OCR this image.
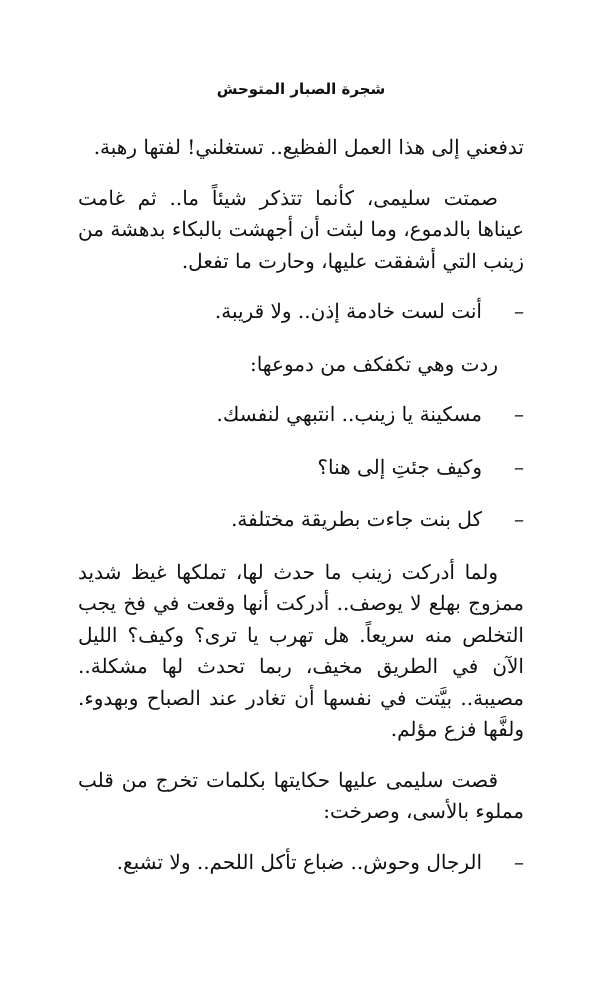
شجرة الصبار المتوحش

تدفعني إلى هذا العمل الفظيع.. تستغلني! لفتها رهبة.

صمتت سليمى، كأنما تتذكر شيئاً ما.. ثم غامت عيناها بالدموع، وما لبثت أن أجهشت بالبكاء بدهشة من زينب التي أشفقت عليها، وحارت ما تفعل.

–
أنت لست خادمة إذن.. ولا قريبة.

ردت وهي تكفكف من دموعها:

–
مسكينة يا زينب.. انتبهي لنفسك.
–
وكيف جئتِ إلى هنا؟
–
كل بنت جاءت بطريقة مختلفة.

ولما أدركت زينب ما حدث لها، تملكها غيظ شديد ممزوج بهلع لا يوصف.. أدركت أنها وقعت في فخ يجب التخلص منه سريعاً. هل تهرب يا ترى؟ وكيف؟ الليل الآن في الطريق مخيف، ربما تحدث لها مشكلة.. مصيبة.. بيَّتت في نفسها أن تغادر عند الصباح وبهدوء. ولفَّها فزع مؤلم.

قصت سليمى عليها حكايتها بكلمات تخرج من قلب مملوء بالأسى، وصرخت:

–
الرجال وحوش.. ضباع تأكل اللحم.. ولا تشبع.
